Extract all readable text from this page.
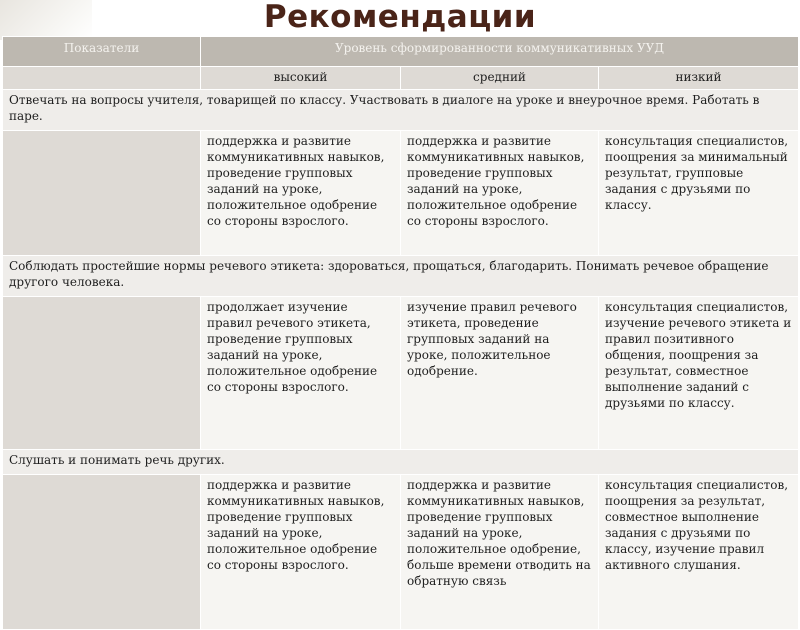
Рекомендации
Показатели	Уровень сформированности коммуникативных УУД		
	высокий	средний	низкий
Отвечать на вопросы учителя, товарищей по классу. Участвовать в диалоге на уроке и внеурочное время. Работать в паре.			
	поддержка и развитие коммуникативных навыков, проведение групповых заданий на уроке, положительное одобрение со стороны взрослого.	поддержка и развитие коммуникативных навыков, проведение групповых заданий на уроке, положительное одобрение со стороны взрослого.	консультация специалистов, поощрения за минимальный результат, групповые задания с друзьями по классу.
Соблюдать простейшие нормы речевого этикета: здороваться, прощаться, благодарить. Понимать речевое обращение другого человека.			
	продолжает изучение правил речевого этикета, проведение групповых заданий на уроке, положительное одобрение со стороны взрослого.	изучение правил речевого этикета, проведение групповых заданий на уроке, положительное одобрение.	консультация специалистов, изучение речевого этикета и правил позитивного общения, поощрения за результат, совместное выполнение заданий с друзьями по классу.
Слушать и понимать речь других.			
	поддержка и развитие коммуникативных навыков, проведение групповых заданий на уроке, положительное одобрение со стороны взрослого.	поддержка и развитие коммуникативных навыков, проведение групповых заданий на уроке, положительное одобрение, больше времени отводить на обратную связь	консультация специалистов, поощрения за результат, совместное выполнение задания с друзьями по классу, изучение правил активного слушания.
